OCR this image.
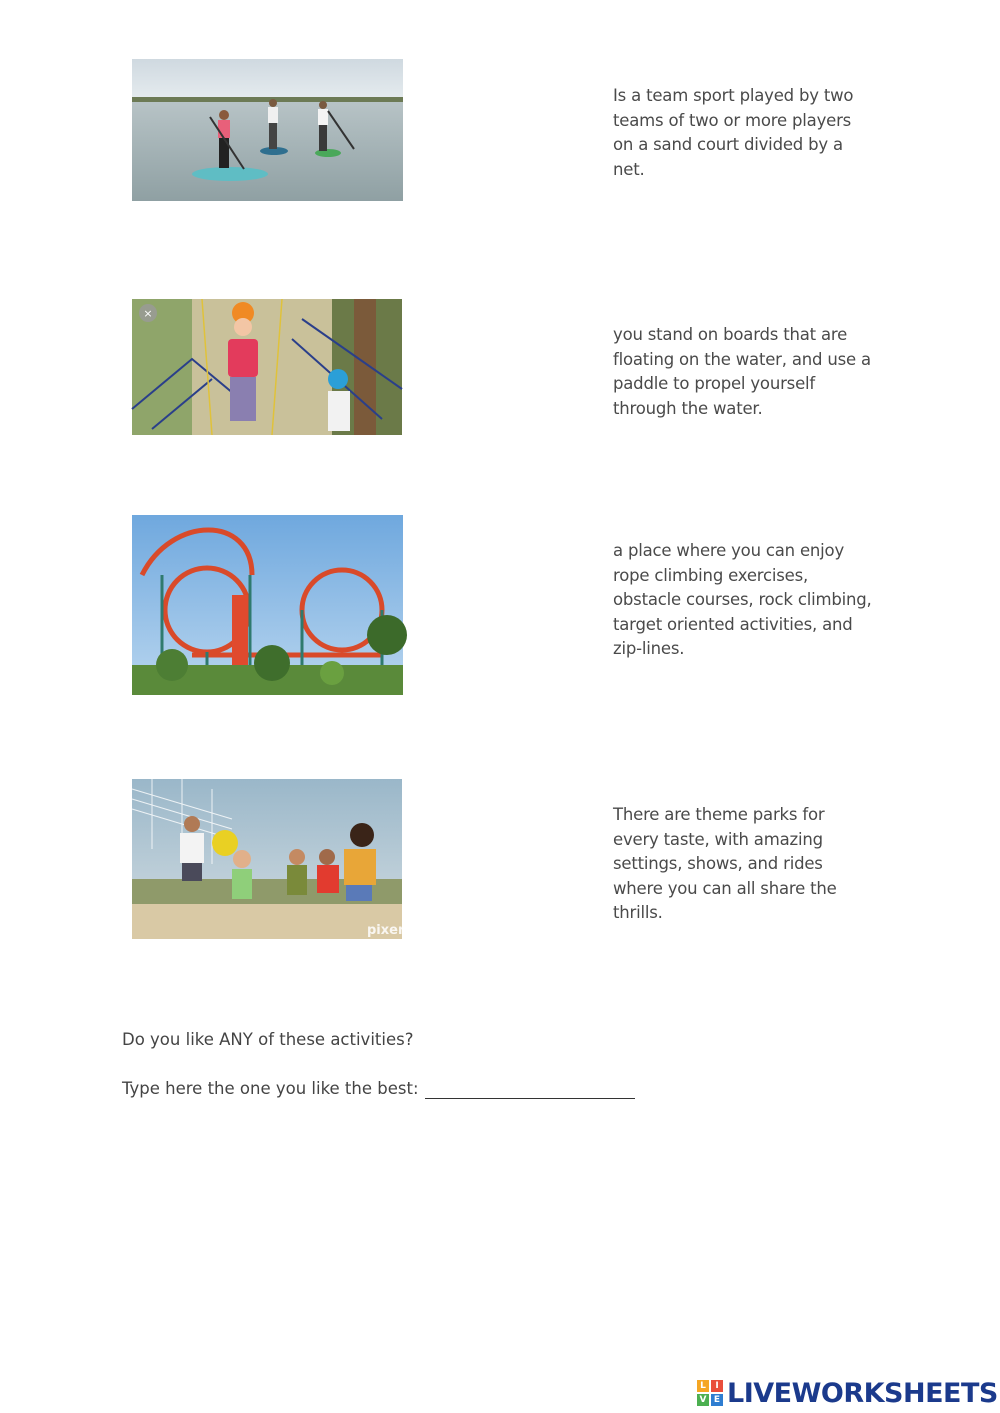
×
pixers
Is a team sport played by two teams of two or more players on a sand court divided by a net.
you stand on boards that are floating on the water, and use a paddle to propel yourself through the water.
a place where you can enjoy rope climbing exercises, obstacle courses, rock climbing, target oriented activities, and zip-lines.
There are theme parks for every taste, with amazing settings, shows, and rides where you can all share the thrills.
Do you like ANY of these activities?
Type here the one you like the best:
L	I
V E LIVEWORKSHEETS
